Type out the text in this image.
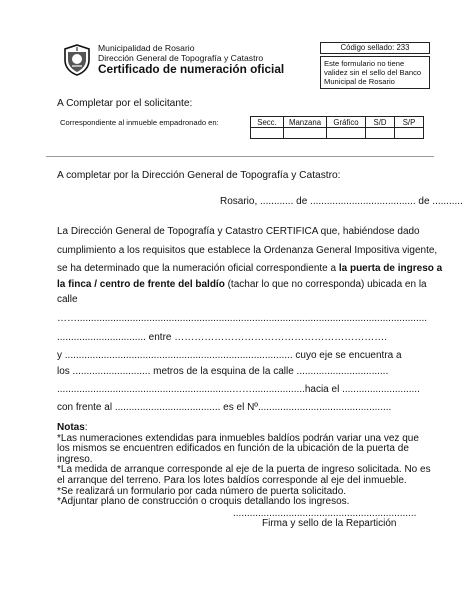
Municipalidad de Rosario
Dirección General de Topografía y Catastro
Certificado de numeración oficial
Código sellado: 233
Este formulario no tiene validez sin el sello del Banco Municipal de Rosario
A Completar por el solicitante:
Correspondiente al inmueble empadronado en:	Secc.	Manzana	Gráfico	S/D	S/P

A completar por la Dirección General de Topografía y Catastro:
Rosario, ............ de ...................................... de ...........
La Dirección General de Topografía y Catastro CERTIFICA que, habiéndose dado
cumplimiento a los requisitos que establece la Ordenanza General Impositiva vigente,
se ha determinado que la numeración oficial correspondiente a la puerta de ingreso a
la finca / centro de frente del baldío (tachar lo que no corresponda) ubicada en la
calle
……..............................................................................................................................
................................ entre ……………………………………………………….
y .................................................................................. cuyo eje se encuentra a
los ............................ metros de la esquina de la calle .................................
...............................................................……...................hacia el ............................
con frente al ...................................... es el Nº................................................
Notas:
*Las numeraciones extendidas para inmuebles baldíos podrán variar una vez que los mismos se encuentren edificados en función de la ubicación de la puerta de ingreso.
*La medida de arranque corresponde al eje de la puerta de ingreso solicitada. No es el arranque del terreno. Para los lotes baldíos corresponde al eje del inmueble.
*Se realizará un formulario por cada número de puerta solicitado.
*Adjuntar plano de construcción o croquis detallando los ingresos.
..................................................................
Firma y sello de la Repartición
